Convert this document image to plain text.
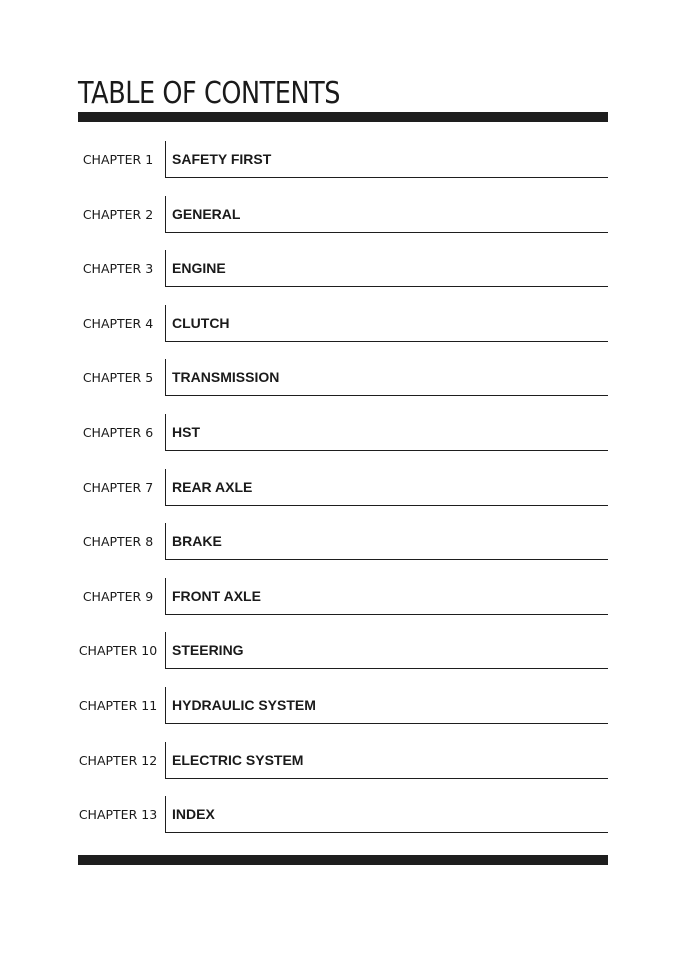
TABLE OF CONTENTS
CHAPTER 1	SAFETY FIRST
CHAPTER 2	GENERAL
CHAPTER 3	ENGINE
CHAPTER 4	CLUTCH
CHAPTER 5	TRANSMISSION
CHAPTER 6	HST
CHAPTER 7	REAR AXLE
CHAPTER 8	BRAKE
CHAPTER 9	FRONT AXLE
CHAPTER 10 STEERING
CHAPTER 11 HYDRAULIC SYSTEM
CHAPTER 12 ELECTRIC SYSTEM
CHAPTER 13 INDEX
